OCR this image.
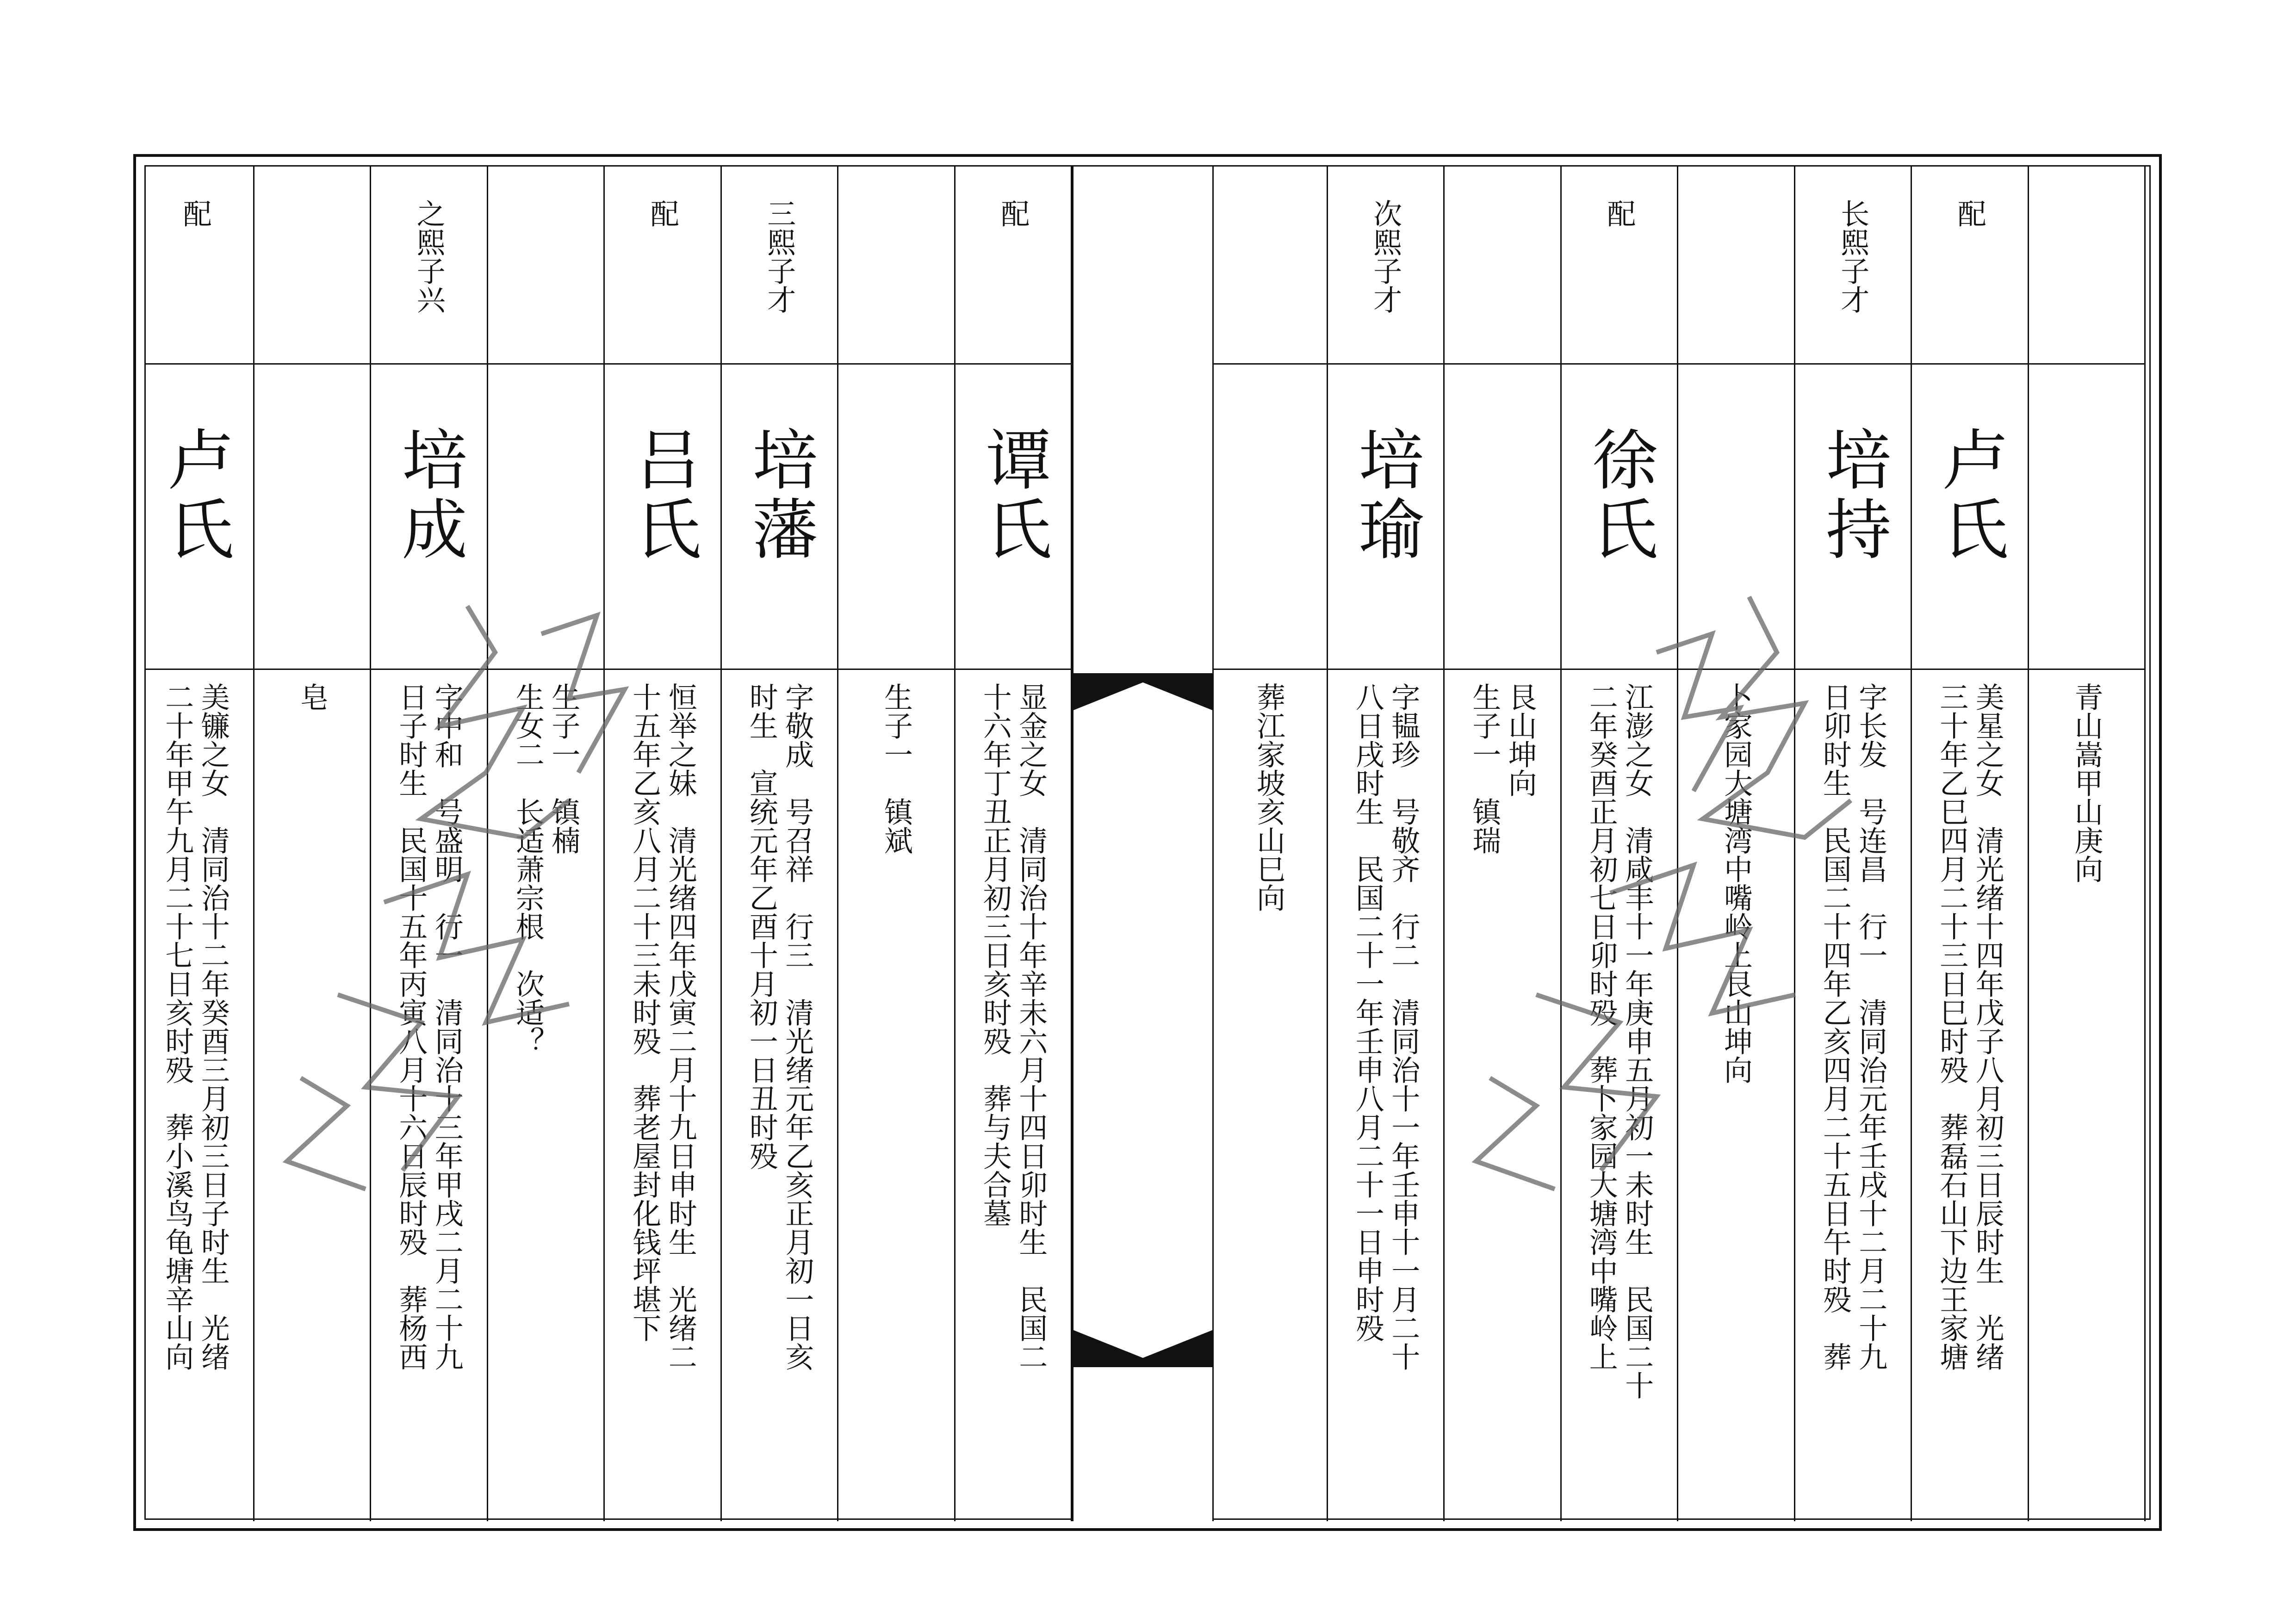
青山嵩甲山庚向
配
卢氏
美星之女　清光绪十四年戊子八月初三日辰时生　光绪
三十年乙巳四月二十三日巳时殁　葬磊石山下边王家塘
长熙子才
培持
字长发　号连昌　行一　清同治元年壬戌十二月二十九
日卯时生　民国二十四年乙亥四月二十五日午时殁　葬
卜家园大塘湾中嘴岭上艮山坤向
配
徐氏
江澎之女　清咸丰十一年庚申五月初一未时生　民国二十
二年癸酉正月初七日卯时殁　葬卜家园大塘湾中嘴岭上
艮山坤向
生子一　镇瑞
次熙子才
培瑜
字韫珍　号敬齐　行二　清同治十一年壬申十一月二十
八日戌时生　民国二十一年壬申八月二十一日申时殁
葬江家坡亥山巳向
配
谭氏
显金之女　清同治十年辛未六月十四日卯时生　民国二
十六年丁丑正月初三日亥时殁　葬与夫合墓
生子一　镇斌
三熙子才
培藩
字敬成　号召祥　行三　清光绪元年乙亥正月初一日亥
时生　宣统元年乙酉十月初一日丑时殁
配
吕氏
恒举之妹　清光绪四年戊寅二月十九日申时生　光绪二
十五年乙亥八月二十三未时殁　葬老屋封化钱坪堪下
生子一　镇楠
生女二　长适萧宗根　次适？
之熙子兴
培成
字中和　号盛明　行一　清同治十三年甲戌二月二十九
日子时生　民国十五年丙寅八月十六日辰时殁　葬杨西
皂
配
卢氏
美镰之女　清同治十二年癸酉三月初三日子时生　光绪
二十年甲午九月二十七日亥时殁　葬小溪鸟龟塘辛山向
